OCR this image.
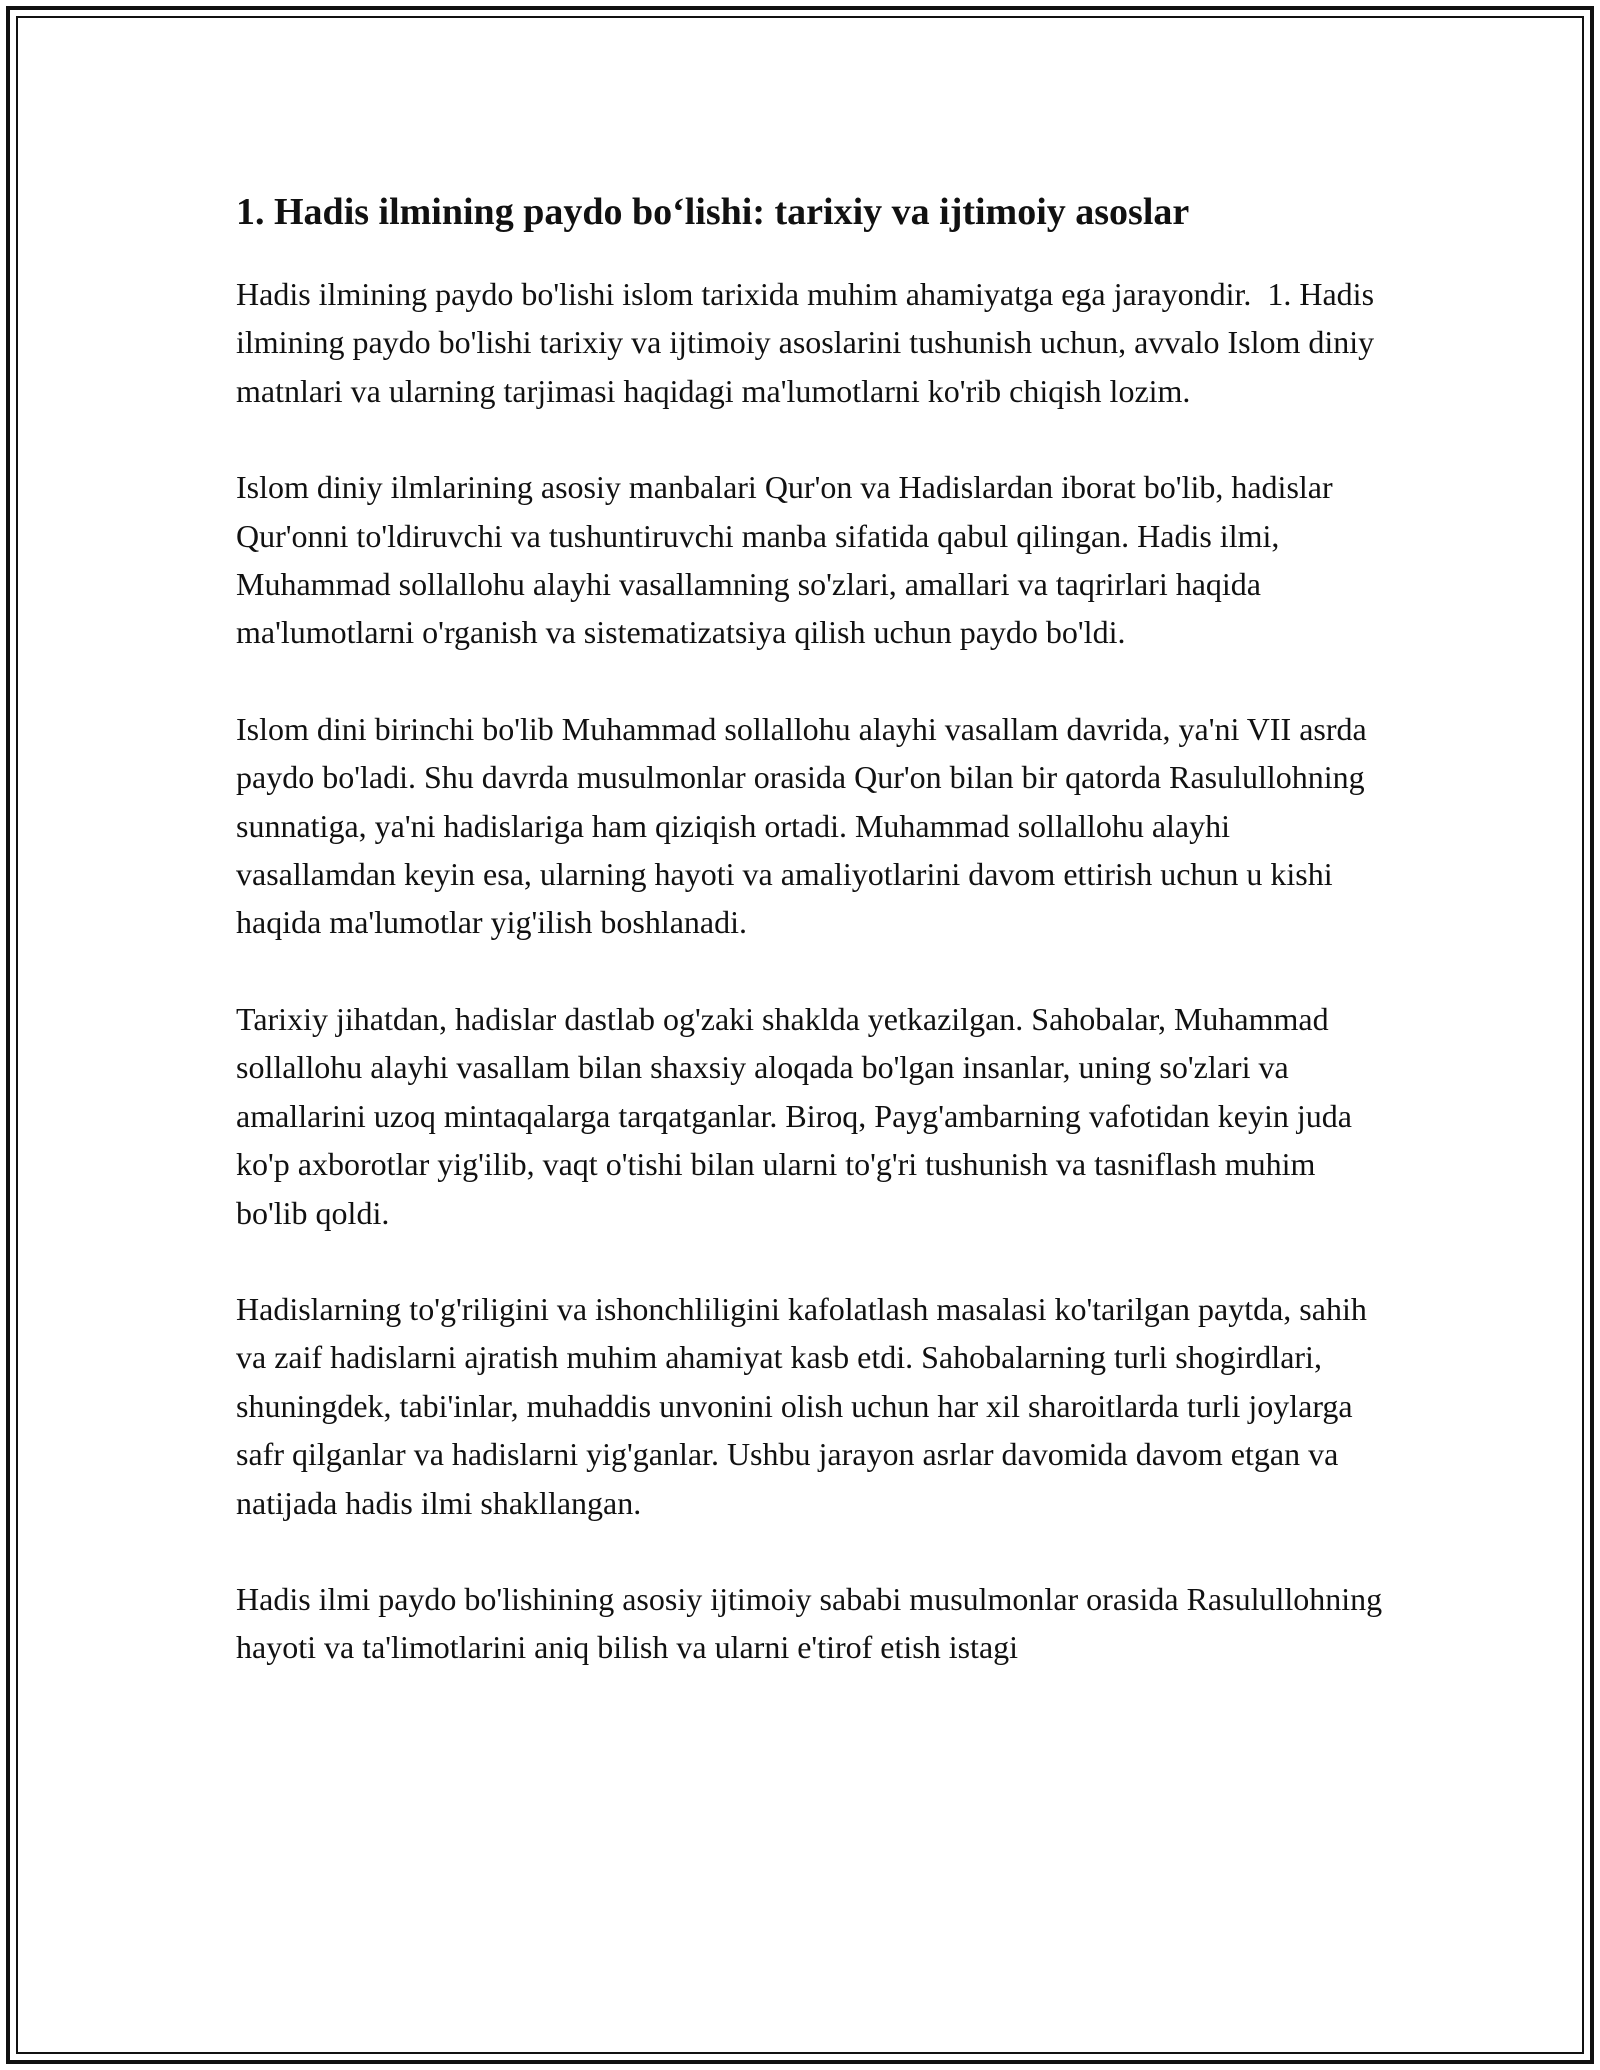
1. Hadis ilmining paydo boʻlishi: tarixiy va ijtimoiy asoslar

Hadis ilmining paydo bo'lishi islom tarixida muhim ahamiyatga ega jarayondir.  1. Hadis ilmining paydo bo'lishi tarixiy va ijtimoiy asoslarini tushunish uchun, avvalo Islom diniy matnlari va ularning tarjimasi haqidagi ma'lumotlarni ko'rib chiqish lozim.

Islom diniy ilmlarining asosiy manbalari Qur'on va Hadislardan iborat bo'lib, hadislar Qur'onni to'ldiruvchi va tushuntiruvchi manba sifatida qabul qilingan. Hadis ilmi, Muhammad sollallohu alayhi vasallamning so'zlari, amallari va taqrirlari haqida ma'lumotlarni o'rganish va sistematizatsiya qilish uchun paydo bo'ldi.

Islom dini birinchi bo'lib Muhammad sollallohu alayhi vasallam davrida, ya'ni VII asrda paydo bo'ladi. Shu davrda musulmonlar orasida Qur'on bilan bir qatorda Rasulullohning sunnatiga, ya'ni hadislariga ham qiziqish ortadi. Muhammad sollallohu alayhi vasallamdan keyin esa, ularning hayoti va amaliyotlarini davom ettirish uchun u kishi haqida ma'lumotlar yig'ilish boshlanadi.

Tarixiy jihatdan, hadislar dastlab og'zaki shaklda yetkazilgan. Sahobalar, Muhammad sollallohu alayhi vasallam bilan shaxsiy aloqada bo'lgan insanlar, uning so'zlari va amallarini uzoq mintaqalarga tarqatganlar. Biroq, Payg'ambarning vafotidan keyin juda ko'p axborotlar yig'ilib, vaqt o'tishi bilan ularni to'g'ri tushunish va tasniflash muhim bo'lib qoldi.

Hadislarning to'g'riligini va ishonchliligini kafolatlash masalasi ko'tarilgan paytda, sahih va zaif hadislarni ajratish muhim ahamiyat kasb etdi. Sahobalarning turli shogirdlari, shuningdek, tabi'inlar, muhaddis unvonini olish uchun har xil sharoitlarda turli joylarga safr qilganlar va hadislarni yig'ganlar. Ushbu jarayon asrlar davomida davom etgan va natijada hadis ilmi shakllangan.

Hadis ilmi paydo bo'lishining asosiy ijtimoiy sababi musulmonlar orasida Rasulullohning hayoti va ta'limotlarini aniq bilish va ularni e'tirof etish istagi
